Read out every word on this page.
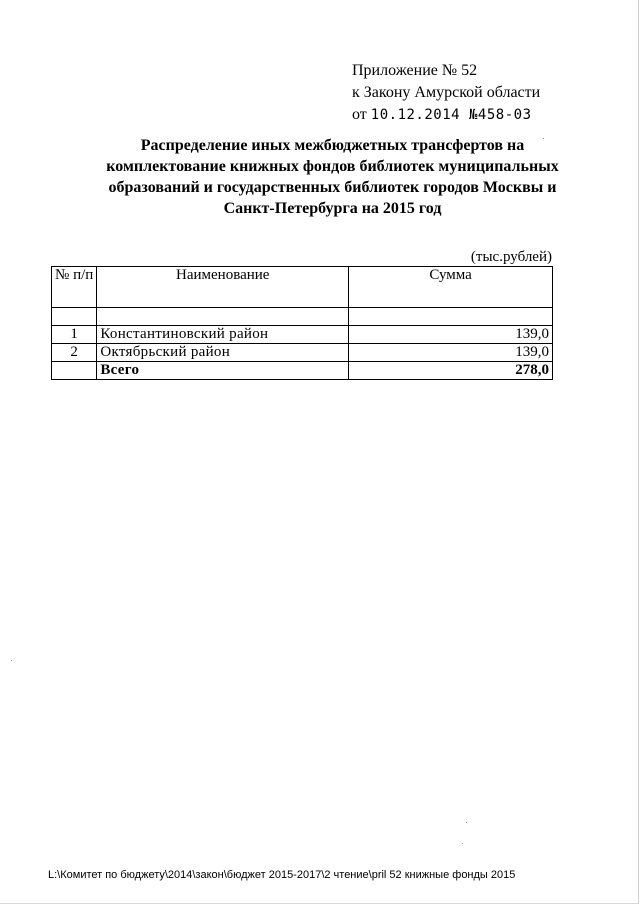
Приложение № 52
к Закону Амурской области
от 10.12.2014 №458-03
Распределение иных межбюджетных трансфертов на комплектование книжных фондов библиотек муниципальных образований и государственных библиотек городов Москвы и Санкт-Петербурга на 2015 год
(тыс.рублей)
№ п/п	Наименование	Сумма

1	Константиновский район	139,0
2	Октябрьский район	139,0
	Всего	278,0
L:\Комитет по бюджету\2014\закон\бюджет 2015-2017\2 чтение\pril 52 книжные фонды 2015
